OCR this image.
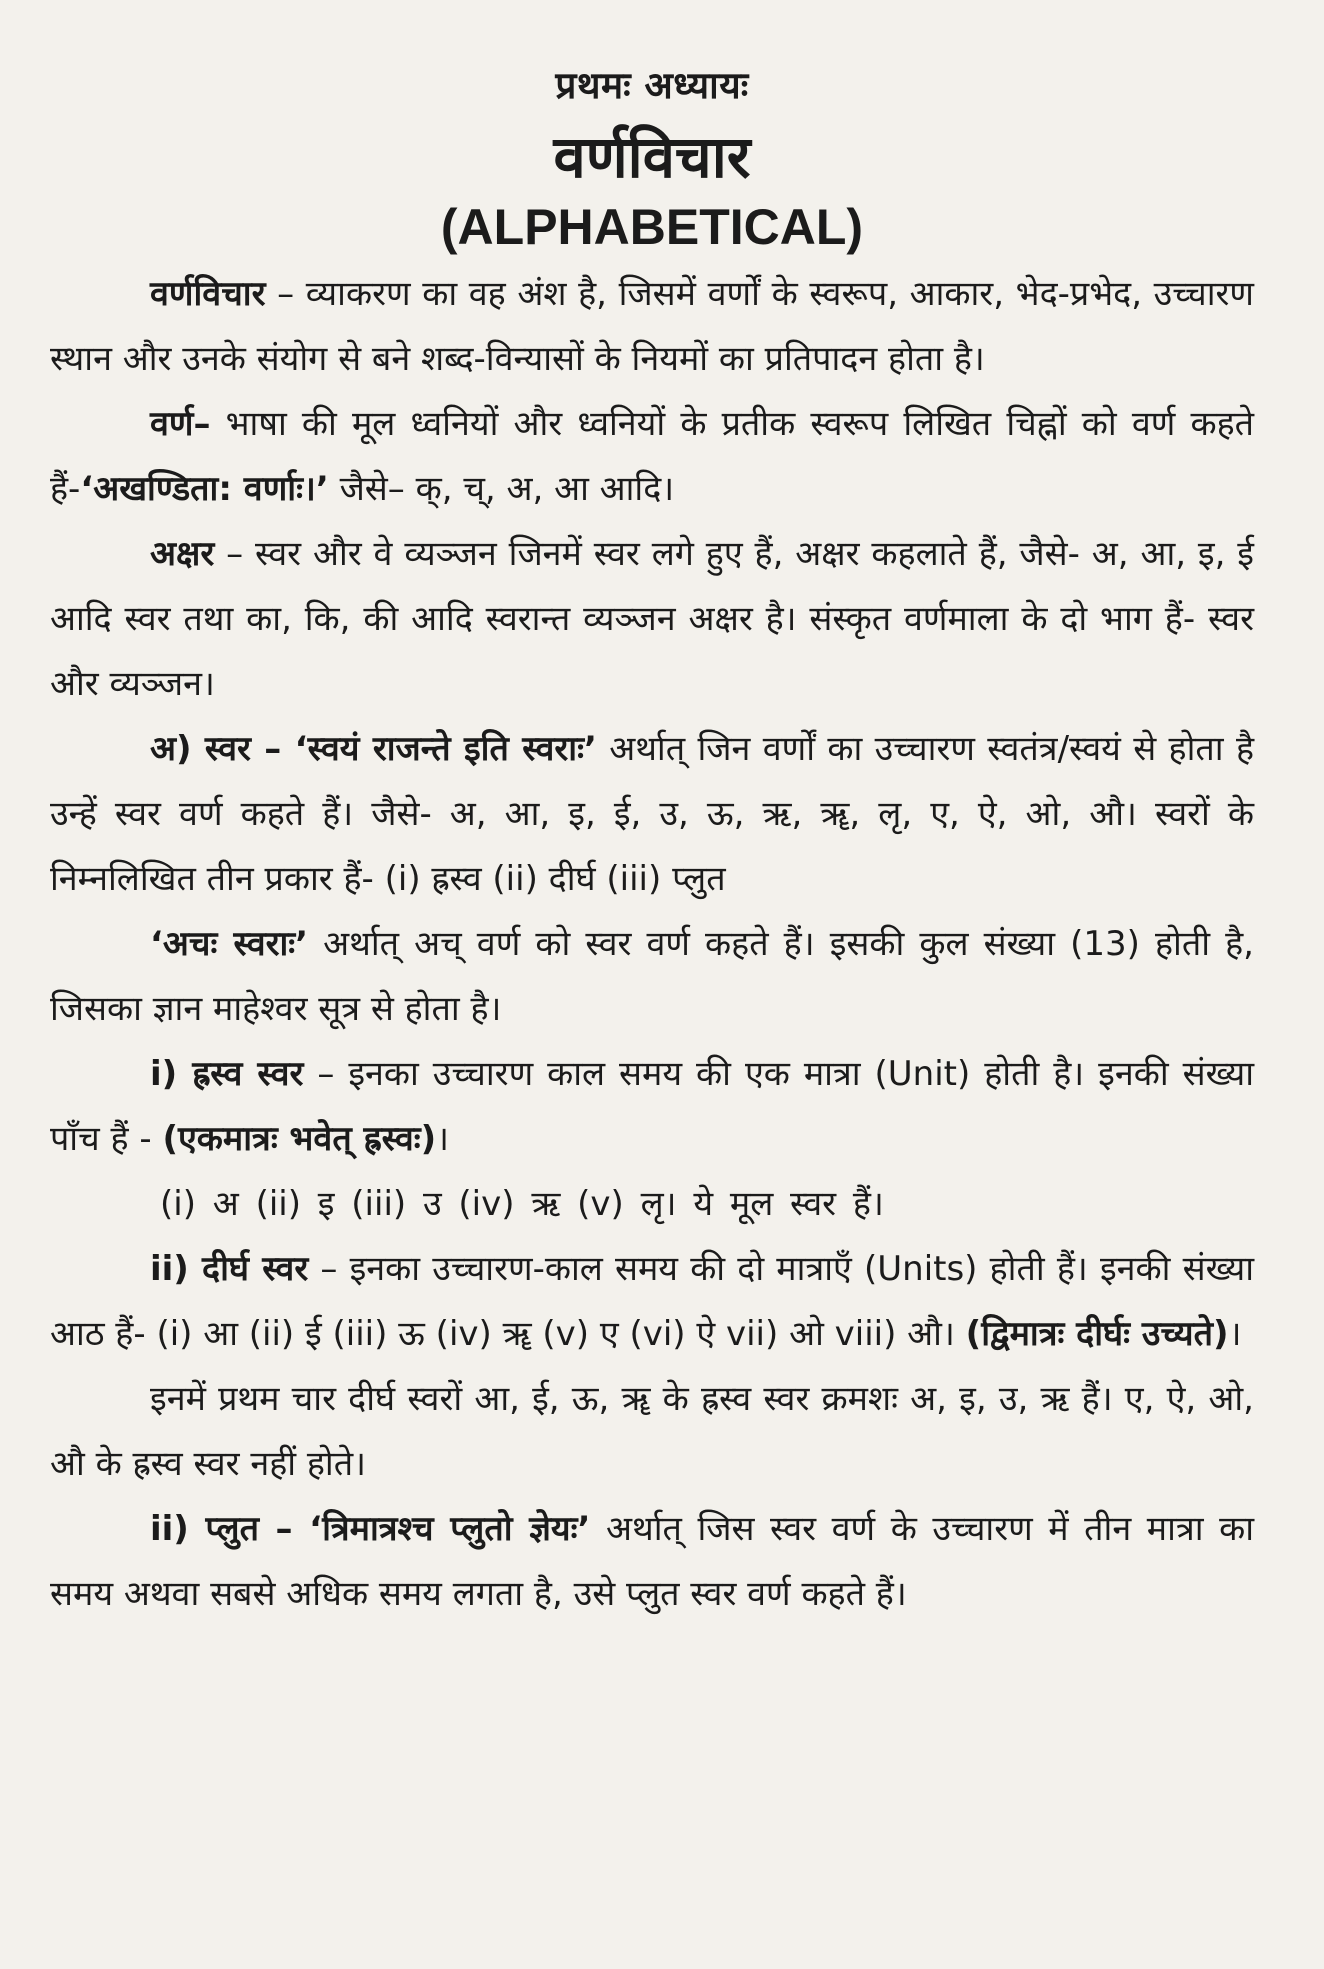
प्रथमः अध्यायः
वर्णविचार
(ALPHABETICAL)

वर्णविचार – व्याकरण का वह अंश है, जिसमें वर्णों के स्वरूप, आकार, भेद-प्रभेद, उच्चारण स्थान और उनके संयोग से बने शब्द-विन्यासों के नियमों का प्रतिपादन होता है।

वर्ण– भाषा की मूल ध्वनियों और ध्वनियों के प्रतीक स्वरूप लिखित चिह्नों को वर्ण कहते हैं-‘अखण्डिता: वर्णाः।’ जैसे– क्, च्, अ, आ आदि।

अक्षर – स्वर और वे व्यञ्जन जिनमें स्वर लगे हुए हैं, अक्षर कहलाते हैं, जैसे- अ, आ, इ, ई आदि स्वर तथा का, कि, की आदि स्वरान्त व्यञ्जन अक्षर है। संस्कृत वर्णमाला के दो भाग हैं- स्वर और व्यञ्जन।

अ) स्वर – ‘स्वयं राजन्ते इति स्वराः’ अर्थात् जिन वर्णों का उच्चारण स्वतंत्र/स्वयं से होता है उन्हें स्वर वर्ण कहते हैं। जैसे- अ, आ, इ, ई, उ, ऊ, ऋ, ॠ, लृ, ए, ऐ, ओ, औ। स्वरों के निम्नलिखित तीन प्रकार हैं- (i) ह्रस्व (ii) दीर्घ (iii) प्लुत

‘अचः स्वराः’ अर्थात् अच् वर्ण को स्वर वर्ण कहते हैं। इसकी कुल संख्या (13) होती है, जिसका ज्ञान माहेश्वर सूत्र से होता है।

i) ह्रस्व स्वर – इनका उच्चारण काल समय की एक मात्रा (Unit) होती है। इनकी संख्या पाँच हैं - (एकमात्रः भवेत् ह्रस्वः)।

(i) अ (ii) इ (iii) उ (iv) ऋ (v) लृ। ये मूल स्वर हैं।

ii) दीर्घ स्वर – इनका उच्चारण-काल समय की दो मात्राएँ (Units) होती हैं। इनकी संख्या आठ हैं- (i) आ (ii) ई (iii) ऊ (iv) ॠ (v) ए (vi) ऐ vii) ओ viii) औ। (द्विमात्रः दीर्घः उच्यते)।

इनमें प्रथम चार दीर्घ स्वरों आ, ई, ऊ, ॠ के ह्रस्व स्वर क्रमशः अ, इ, उ, ऋ हैं। ए, ऐ, ओ, औ के ह्रस्व स्वर नहीं होते।

ii) प्लुत – ‘त्रिमात्रश्च प्लुतो ज्ञेयः’ अर्थात् जिस स्वर वर्ण के उच्चारण में तीन मात्रा का समय अथवा सबसे अधिक समय लगता है, उसे प्लुत स्वर वर्ण कहते हैं।
